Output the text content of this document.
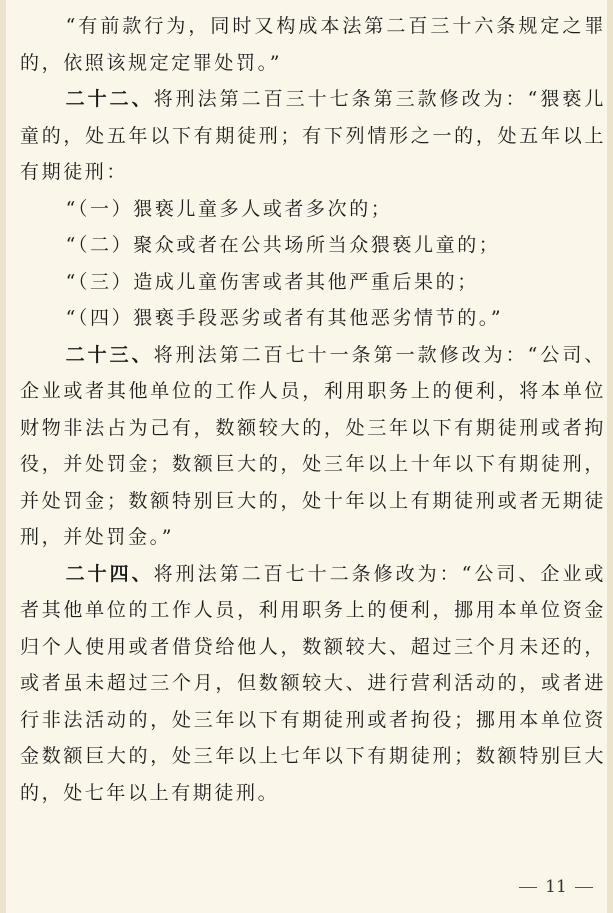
“有前款行为，同时又构成本法第二百三十六条规定之罪的，依照该规定定罪处罚。”

二十二、将刑法第二百三十七条第三款修改为：“猥亵儿童的，处五年以下有期徒刑；有下列情形之一的，处五年以上有期徒刑：

“（一）猥亵儿童多人或者多次的；

“（二）聚众或者在公共场所当众猥亵儿童的；

“（三）造成儿童伤害或者其他严重后果的；

“（四）猥亵手段恶劣或者有其他恶劣情节的。”

二十三、将刑法第二百七十一条第一款修改为：“公司、企业或者其他单位的工作人员，利用职务上的便利，将本单位财物非法占为己有，数额较大的，处三年以下有期徒刑或者拘役，并处罚金；数额巨大的，处三年以上十年以下有期徒刑，并处罚金；数额特别巨大的，处十年以上有期徒刑或者无期徒刑，并处罚金。”

二十四、将刑法第二百七十二条修改为：“公司、企业或者其他单位的工作人员，利用职务上的便利，挪用本单位资金归个人使用或者借贷给他人，数额较大、超过三个月未还的，或者虽未超过三个月，但数额较大、进行营利活动的，或者进行非法活动的，处三年以下有期徒刑或者拘役；挪用本单位资金数额巨大的，处三年以上七年以下有期徒刑；数额特别巨大的，处七年以上有期徒刑。

11
